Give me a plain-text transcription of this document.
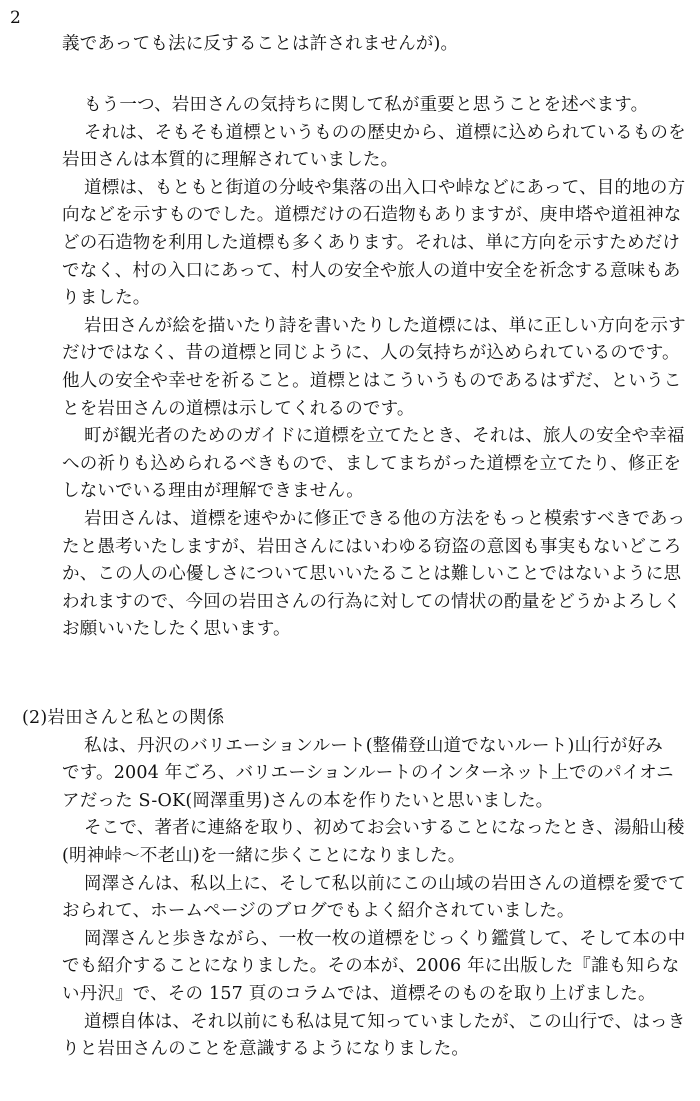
2
義であっても法に反することは許されませんが)。
もう一つ、岩田さんの気持ちに関して私が重要と思うことを述べます。
それは、そもそも道標というものの歴史から、道標に込められているものを
岩田さんは本質的に理解されていました。
道標は、もともと街道の分岐や集落の出入口や峠などにあって、目的地の方
向などを示すものでした。道標だけの石造物もありますが、庚申塔や道祖神な
どの石造物を利用した道標も多くあります。それは、単に方向を示すためだけ
でなく、村の入口にあって、村人の安全や旅人の道中安全を祈念する意味もあ
りました。
岩田さんが絵を描いたり詩を書いたりした道標には、単に正しい方向を示す
だけではなく、昔の道標と同じように、人の気持ちが込められているのです。
他人の安全や幸せを祈ること。道標とはこういうものであるはずだ、というこ
とを岩田さんの道標は示してくれるのです。
町が観光者のためのガイドに道標を立てたとき、それは、旅人の安全や幸福
への祈りも込められるべきもので、ましてまちがった道標を立てたり、修正を
しないでいる理由が理解できません。
岩田さんは、道標を速やかに修正できる他の方法をもっと模索すべきであっ
たと愚考いたしますが、岩田さんにはいわゆる窃盗の意図も事実もないどころ
か、この人の心優しさについて思いいたることは難しいことではないように思
われますので、今回の岩田さんの行為に対しての情状の酌量をどうかよろしく
お願いいたしたく思います。
(2)岩田さんと私との関係
私は、丹沢のバリエーションルート(整備登山道でないルート)山行が好み
です。2004 年ごろ、バリエーションルートのインターネット上でのパイオニ
アだった S-OK(岡澤重男)さんの本を作りたいと思いました。
そこで、著者に連絡を取り、初めてお会いすることになったとき、湯船山稜
(明神峠〜不老山)を一緒に歩くことになりました。
岡澤さんは、私以上に、そして私以前にこの山域の岩田さんの道標を愛でて
おられて、ホームページのブログでもよく紹介されていました。
岡澤さんと歩きながら、一枚一枚の道標をじっくり鑑賞して、そして本の中
でも紹介することになりました。その本が、2006 年に出版した『誰も知らな
い丹沢』で、その 157 頁のコラムでは、道標そのものを取り上げました。
道標自体は、それ以前にも私は見て知っていましたが、この山行で、はっき
りと岩田さんのことを意識するようになりました。
